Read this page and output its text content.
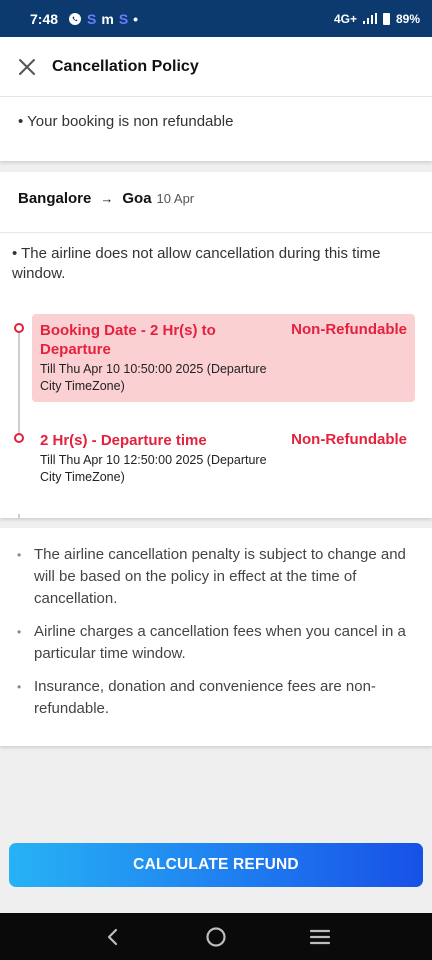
7:48 S m S •	4G+	89%
Cancellation Policy
• Your booking is non refundable
Bangalore → Goa 10 Apr
• The airline does not allow cancellation during this time window.
Booking Date - 2 Hr(s) to Departure
Non-Refundable
Till Thu Apr 10 10:50:00 2025 (Departure City TimeZone)
2 Hr(s) - Departure time	Non-Refundable
Till Thu Apr 10 12:50:00 2025 (Departure City TimeZone)
• The airline cancellation penalty is subject to change and will be based on the policy in effect at the time of cancellation.
• Airline charges a cancellation fees when you cancel in a particular time window.
• Insurance, donation and convenience fees are non-refundable.
CALCULATE REFUND
